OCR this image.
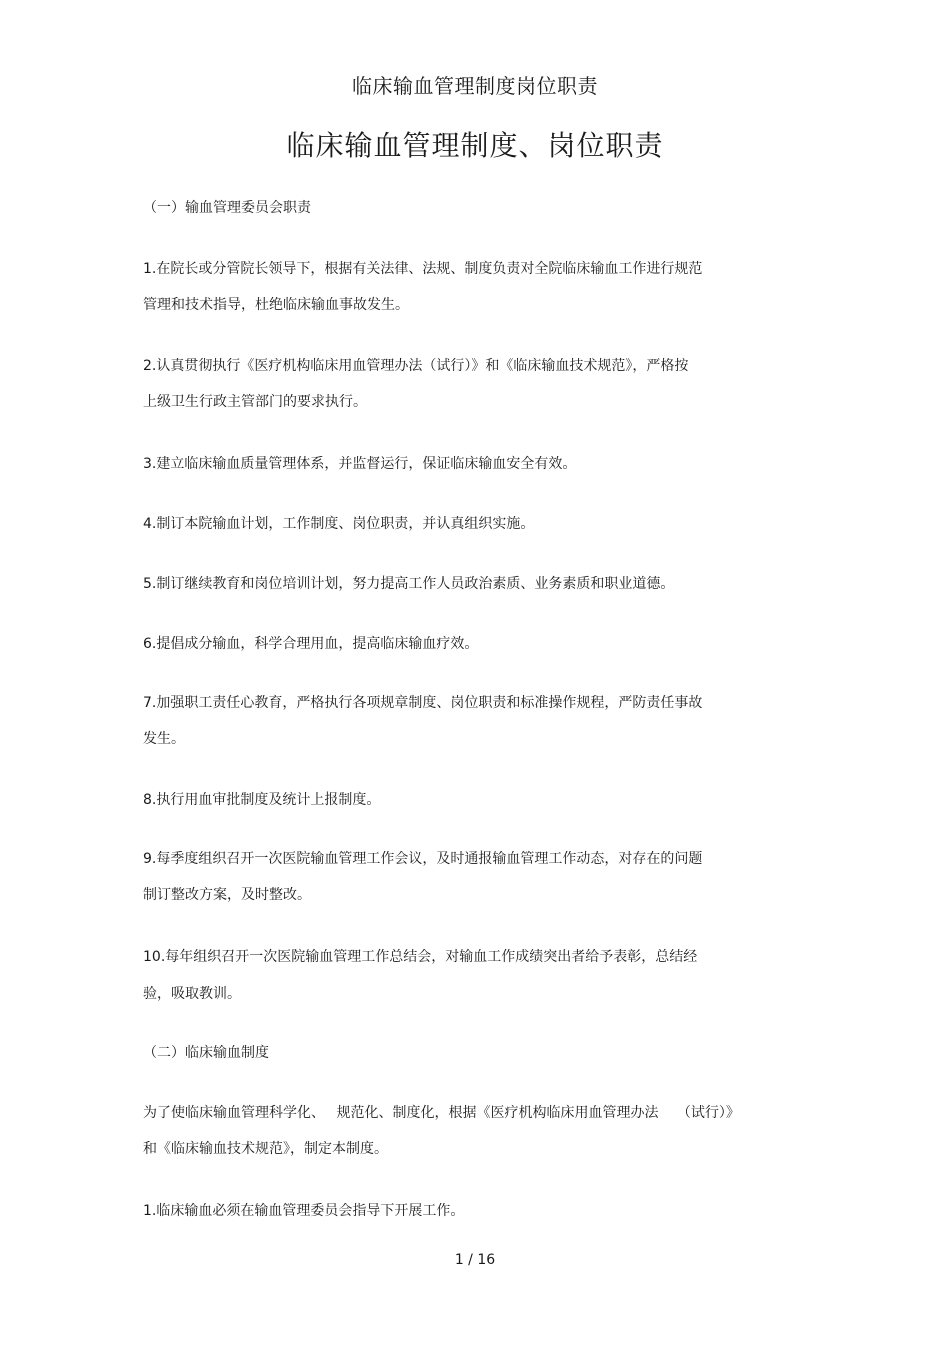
临床输血管理制度岗位职责
临床输血管理制度、岗位职责
（一）输血管理委员会职责
1.在院长或分管院长领导下，根据有关法律、法规、制度负责对全院临床输血工作进行规范
管理和技术指导，杜绝临床输血事故发生。
2.认真贯彻执行《医疗机构临床用血管理办法（试行）》和《临床输血技术规范》，严格按
上级卫生行政主管部门的要求执行。
3.建立临床输血质量管理体系，并监督运行，保证临床输血安全有效。
4.制订本院输血计划，工作制度、岗位职责，并认真组织实施。
5.制订继续教育和岗位培训计划，努力提高工作人员政治素质、业务素质和职业道德。
6.提倡成分输血，科学合理用血，提高临床输血疗效。
7.加强职工责任心教育，严格执行各项规章制度、岗位职责和标准操作规程，严防责任事故
发生。
8.执行用血审批制度及统计上报制度。
9.每季度组织召开一次医院输血管理工作会议，及时通报输血管理工作动态，对存在的问题
制订整改方案，及时整改。
10.每年组织召开一次医院输血管理工作总结会，对输血工作成绩突出者给予表彰，总结经
验，吸取教训。
（二）临床输血制度
为了使临床输血管理科学化、　 规范化、制度化，根据《医疗机构临床用血管理办法　 （试行）》
和《临床输血技术规范》，制定本制度。
1.临床输血必须在输血管理委员会指导下开展工作。
1 / 16
